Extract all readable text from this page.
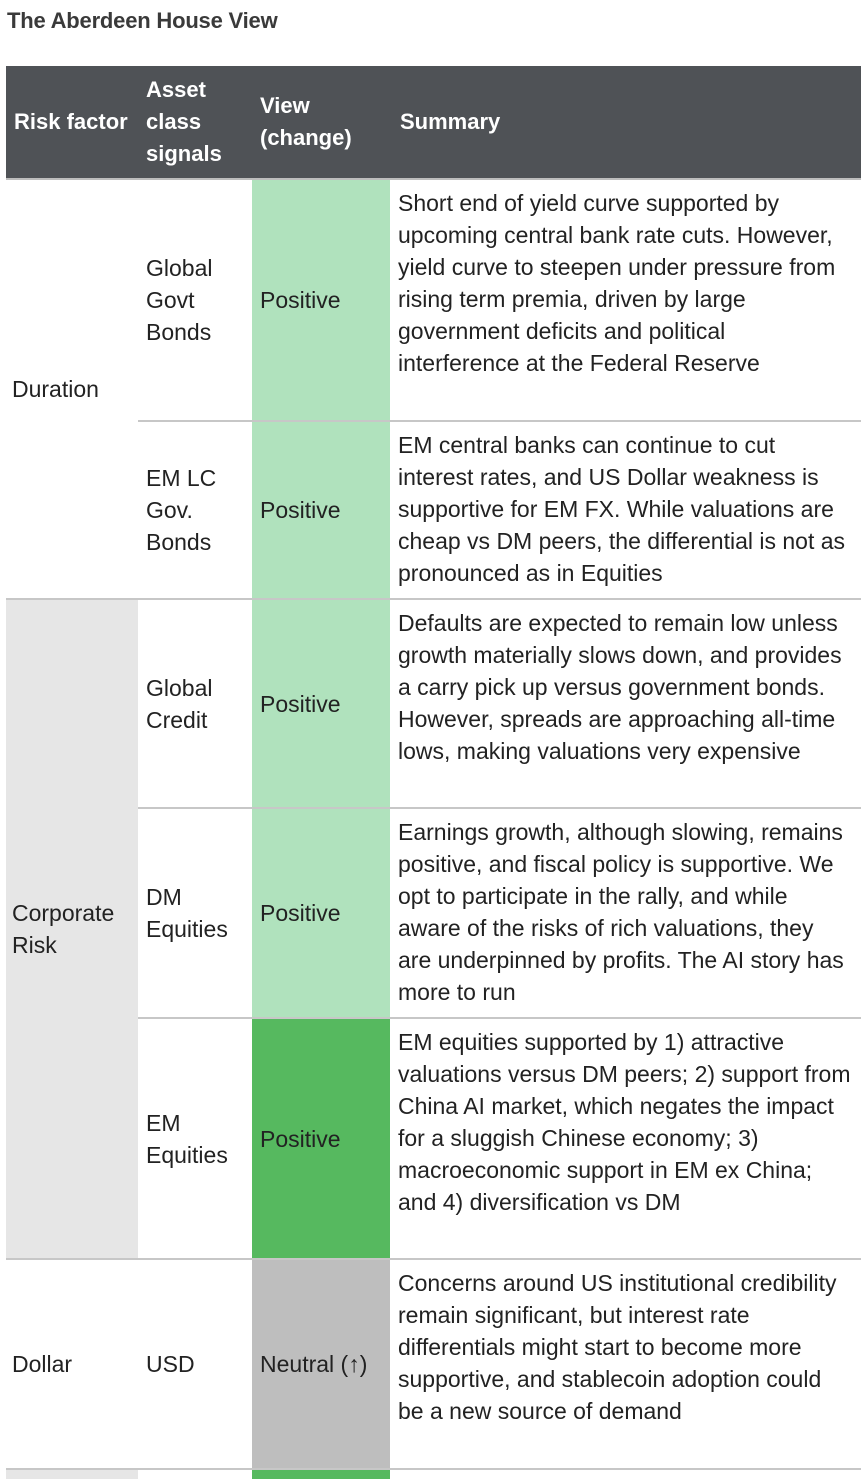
The Aberdeen House View
Risk factor	Asset class signals	View (change)	Summary
Duration	Global Govt Bonds	Positive	Short end of yield curve supported by upcoming central bank rate cuts. However, yield curve to steepen under pressure from rising term premia, driven by large government deficits and political interference at the Federal Reserve
	EM LC Gov. Bonds	Positive	EM central banks can continue to cut interest rates, and US Dollar weakness is supportive for EM FX. While valuations are cheap vs DM peers, the differential is not as pronounced as in Equities
Corporate Risk	Global Credit	Positive	Defaults are expected to remain low unless growth materially slows down, and provides a carry pick up versus government bonds. However, spreads are approaching all-time lows, making valuations very expensive
	DM Equities	Positive	Earnings growth, although slowing, remains positive, and fiscal policy is supportive. We opt to participate in the rally, and while aware of the risks of rich valuations, they are underpinned by profits. The AI story has more to run
	EM Equities	Positive	EM equities supported by 1) attractive valuations versus DM peers; 2) support from China AI market, which negates the impact for a sluggish Chinese economy; 3) macroeconomic support in EM ex China; and 4) diversification vs DM
Dollar	USD	Neutral (↑)	Concerns around US institutional credibility remain significant, but interest rate differentials might start to become more supportive, and stablecoin adoption could be a new source of demand
